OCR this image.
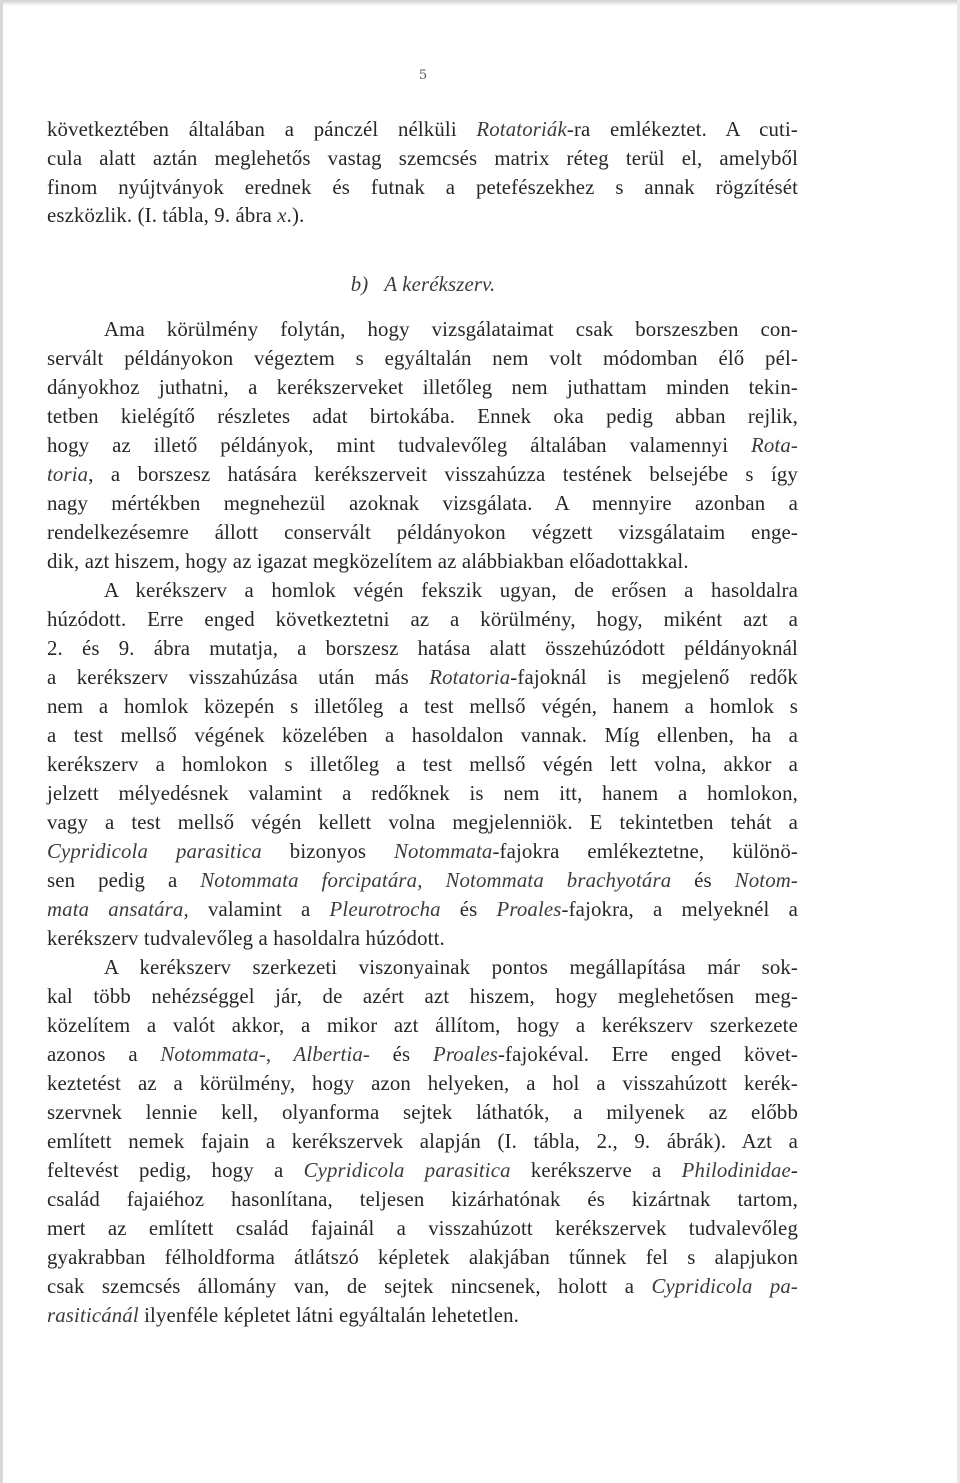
5
következtében általában a pánczél nélküli Rotatoriák-ra emlékeztet. A cuti-
cula alatt aztán meglehetős vastag szemcsés matrix réteg terül el, amelyből
finom nyújtványok erednek és futnak a petefészekhez s annak rögzítését
eszközlik. (I. tábla, 9. ábra x.).
Ama körülmény folytán, hogy vizsgálataimat csak borszeszben con-
servált példányokon végeztem s egyáltalán nem volt módomban élő pél-
dányokhoz juthatni, a kerékszerveket illetőleg nem juthattam minden tekin-
tetben kielégítő részletes adat birtokába. Ennek oka pedig abban rejlik,
hogy az illető példányok, mint tudvalevőleg általában valamennyi Rota-
toria, a borszesz hatására kerékszerveit visszahúzza testének belsejébe s így
nagy mértékben megnehezül azoknak vizsgálata. A mennyire azonban a
rendelkezésemre állott conservált példányokon végzett vizsgálataim enge-
dik, azt hiszem, hogy az igazat megközelítem az alábbiakban előadottakkal.
A kerékszerv a homlok végén fekszik ugyan, de erősen a hasoldalra
húzódott. Erre enged következtetni az a körülmény, hogy, miként azt a
2. és 9. ábra mutatja, a borszesz hatása alatt összehúzódott példányoknál
a kerékszerv visszahúzása után más Rotatoria-fajoknál is megjelenő redők
nem a homlok közepén s illetőleg a test mellső végén, hanem a homlok s
a test mellső végének közelében a hasoldalon vannak. Míg ellenben, ha a
kerékszerv a homlokon s illetőleg a test mellső végén lett volna, akkor a
jelzett mélyedésnek valamint a redőknek is nem itt, hanem a homlokon,
vagy a test mellső végén kellett volna megjelenniök. E tekintetben tehát a
Cypridicola parasitica bizonyos Notommata-fajokra emlékeztetne, különö-
sen pedig a Notommata forcipatára, Notommata brachyotára és Notom-
mata ansatára, valamint a Pleurotrocha és Proales-fajokra, a melyeknél a
kerékszerv tudvalevőleg a hasoldalra húzódott.
A kerékszerv szerkezeti viszonyainak pontos megállapítása már sok-
kal több nehézséggel jár, de azért azt hiszem, hogy meglehetősen meg-
közelítem a valót akkor, a mikor azt állítom, hogy a kerékszerv szerkezete
azonos a Notommata-, Albertia- és Proales-fajokéval. Erre enged követ-
keztetést az a körülmény, hogy azon helyeken, a hol a visszahúzott kerék-
szervnek lennie kell, olyanforma sejtek láthatók, a milyenek az előbb
említett nemek fajain a kerékszervek alapján (I. tábla, 2., 9. ábrák). Azt a
feltevést pedig, hogy a Cypridicola parasitica kerékszerve a Philodinidae-
család fajaiéhoz hasonlítana, teljesen kizárhatónak és kizártnak tartom,
mert az említett család fajainál a visszahúzott kerékszervek tudvalevőleg
gyakrabban félholdforma átlátszó képletek alakjában tűnnek fel s alapjukon
csak szemcsés állomány van, de sejtek nincsenek, holott a Cypridicola pa-
rasiticánál ilyenféle képletet látni egyáltalán lehetetlen.
b) A kerékszerv.
